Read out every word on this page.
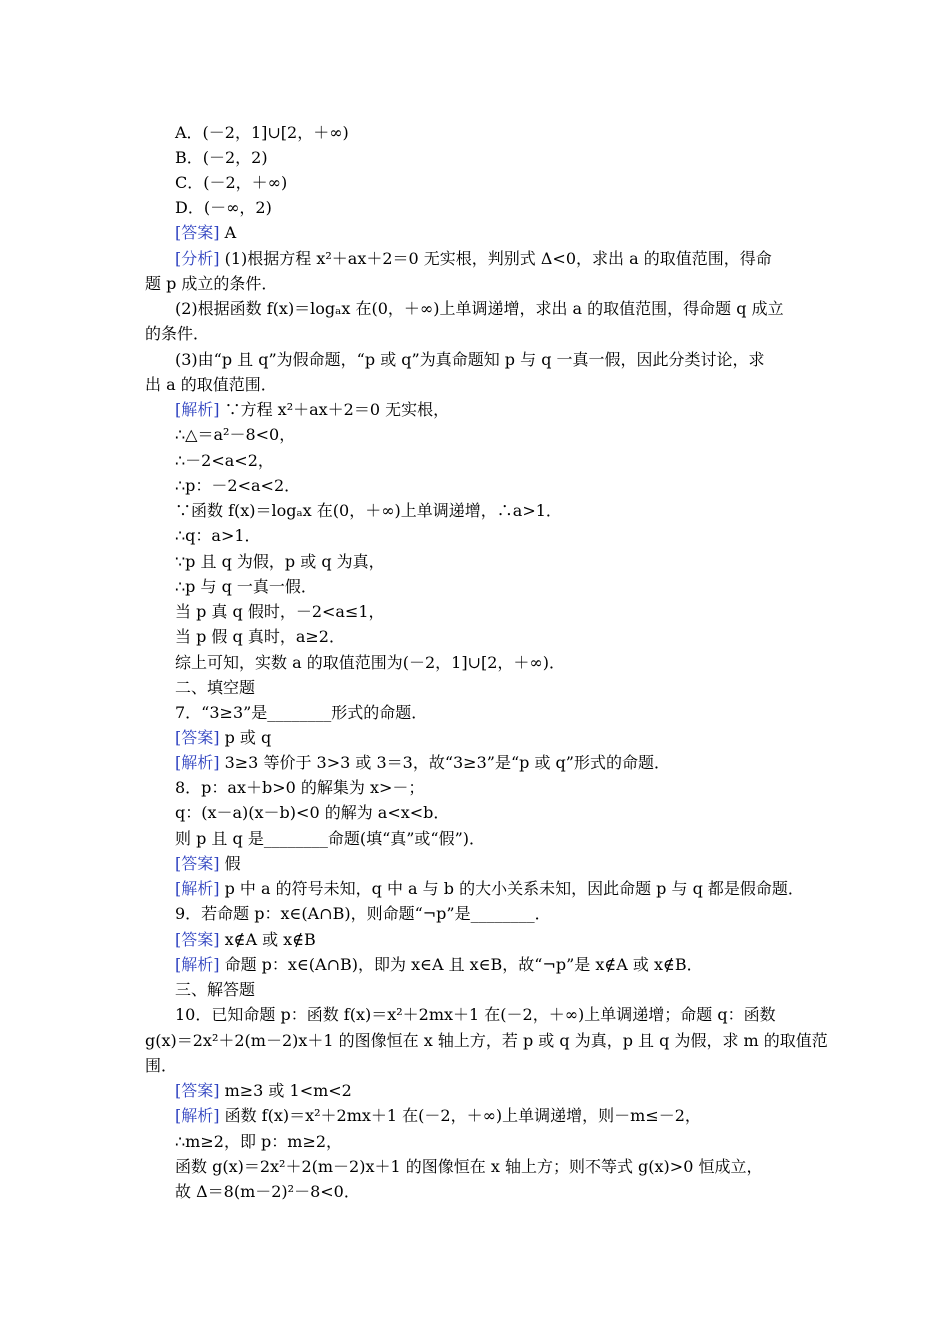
A．(－2，1]∪[2，＋∞)
B．(－2，2)
C．(－2，＋∞)
D．(－∞，2)
[答案] A
[分析] (1)根据方程 x²＋ax＋2＝0 无实根，判别式 Δ<0，求出 a 的取值范围，得命
题 p 成立的条件．
(2)根据函数 f(x)＝logₐx 在(0，＋∞)上单调递增，求出 a 的取值范围，得命题 q 成立
的条件．
(3)由“p 且 q”为假命题，“p 或 q”为真命题知 p 与 q 一真一假，因此分类讨论，求
出 a 的取值范围．
[解析] ∵方程 x²＋ax＋2＝0 无实根，
∴△＝a²－8<0，
∴－2<a<2，
∴p：－2<a<2．
∵函数 f(x)＝logₐx 在(0，＋∞)上单调递增，∴a>1．
∴q：a>1．
∵p 且 q 为假，p 或 q 为真，
∴p 与 q 一真一假．
当 p 真 q 假时，－2<a≤1，
当 p 假 q 真时，a≥2．
综上可知，实数 a 的取值范围为(－2，1]∪[2，＋∞)．
二、填空题
7．“3≥3”是________形式的命题．
[答案] p 或 q
[解析] 3≥3 等价于 3>3 或 3＝3，故“3≥3”是“p 或 q”形式的命题．
8．p：ax＋b>0 的解集为 x>－；
q：(x－a)(x－b)<0 的解为 a<x<b．
则 p 且 q 是________命题(填“真”或“假”)．
[答案] 假
[解析] p 中 a 的符号未知，q 中 a 与 b 的大小关系未知，因此命题 p 与 q 都是假命题．
9．若命题 p：x∈(A∩B)，则命题“¬p”是________．
[答案] x∉A 或 x∉B
[解析] 命题 p：x∈(A∩B)，即为 x∈A 且 x∈B，故“¬p”是 x∉A 或 x∉B．
三、解答题
10．已知命题 p：函数 f(x)＝x²＋2mx＋1 在(－2，＋∞)上单调递增；命题 q：函数
g(x)＝2x²＋2(m－2)x＋1 的图像恒在 x 轴上方，若 p 或 q 为真，p 且 q 为假，求 m 的取值范
围．
[答案] m≥3 或 1<m<2
[解析] 函数 f(x)＝x²＋2mx＋1 在(－2，＋∞)上单调递增，则－m≤－2，
∴m≥2，即 p：m≥2，
函数 g(x)＝2x²＋2(m－2)x＋1 的图像恒在 x 轴上方；则不等式 g(x)>0 恒成立，
故 Δ＝8(m－2)²－8<0．
